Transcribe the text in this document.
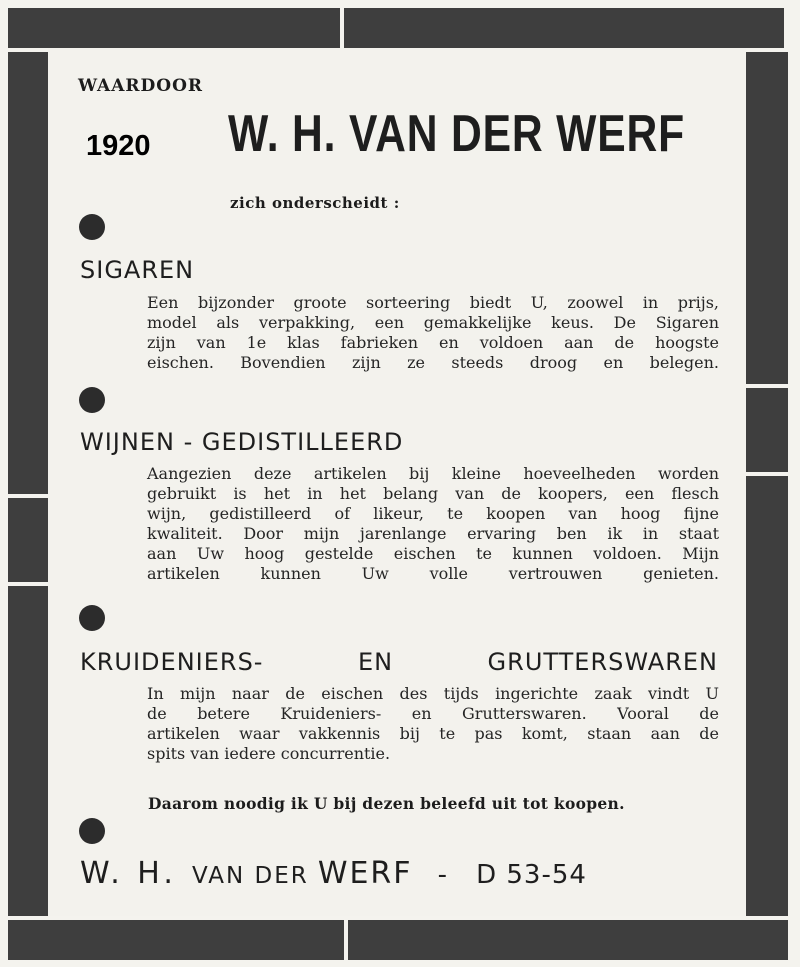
WAARDOOR
1920 W. H. VAN DER WERF
zich onderscheidt :
SIGAREN
Een bijzonder groote sorteering biedt U, zoowel in prijs,
model als verpakking, een gemakkelijke keus. De Sigaren
zijn van 1e klas fabrieken en voldoen aan de hoogste
eischen. Bovendien zijn ze steeds droog en belegen.
WIJNEN - GEDISTILLEERD
Aangezien deze artikelen bij kleine hoeveelheden worden
gebruikt is het in het belang van de koopers, een flesch
wijn, gedistilleerd of likeur, te koopen van hoog fijne
kwaliteit. Door mijn jarenlange ervaring ben ik in staat
aan Uw hoog gestelde eischen te kunnen voldoen. Mijn
artikelen kunnen Uw volle vertrouwen genieten.
KRUIDENIERS- EN GRUTTERSWAREN
In mijn naar de eischen des tijds ingerichte zaak vindt U
de betere Kruideniers- en Grutterswaren. Vooral de
artikelen waar vakkennis bij te pas komt, staan aan de
spits van iedere concurrentie.
Daarom noodig ik U bij dezen beleefd uit tot koopen.
W. H. VAN DER WERF - D 53-54
